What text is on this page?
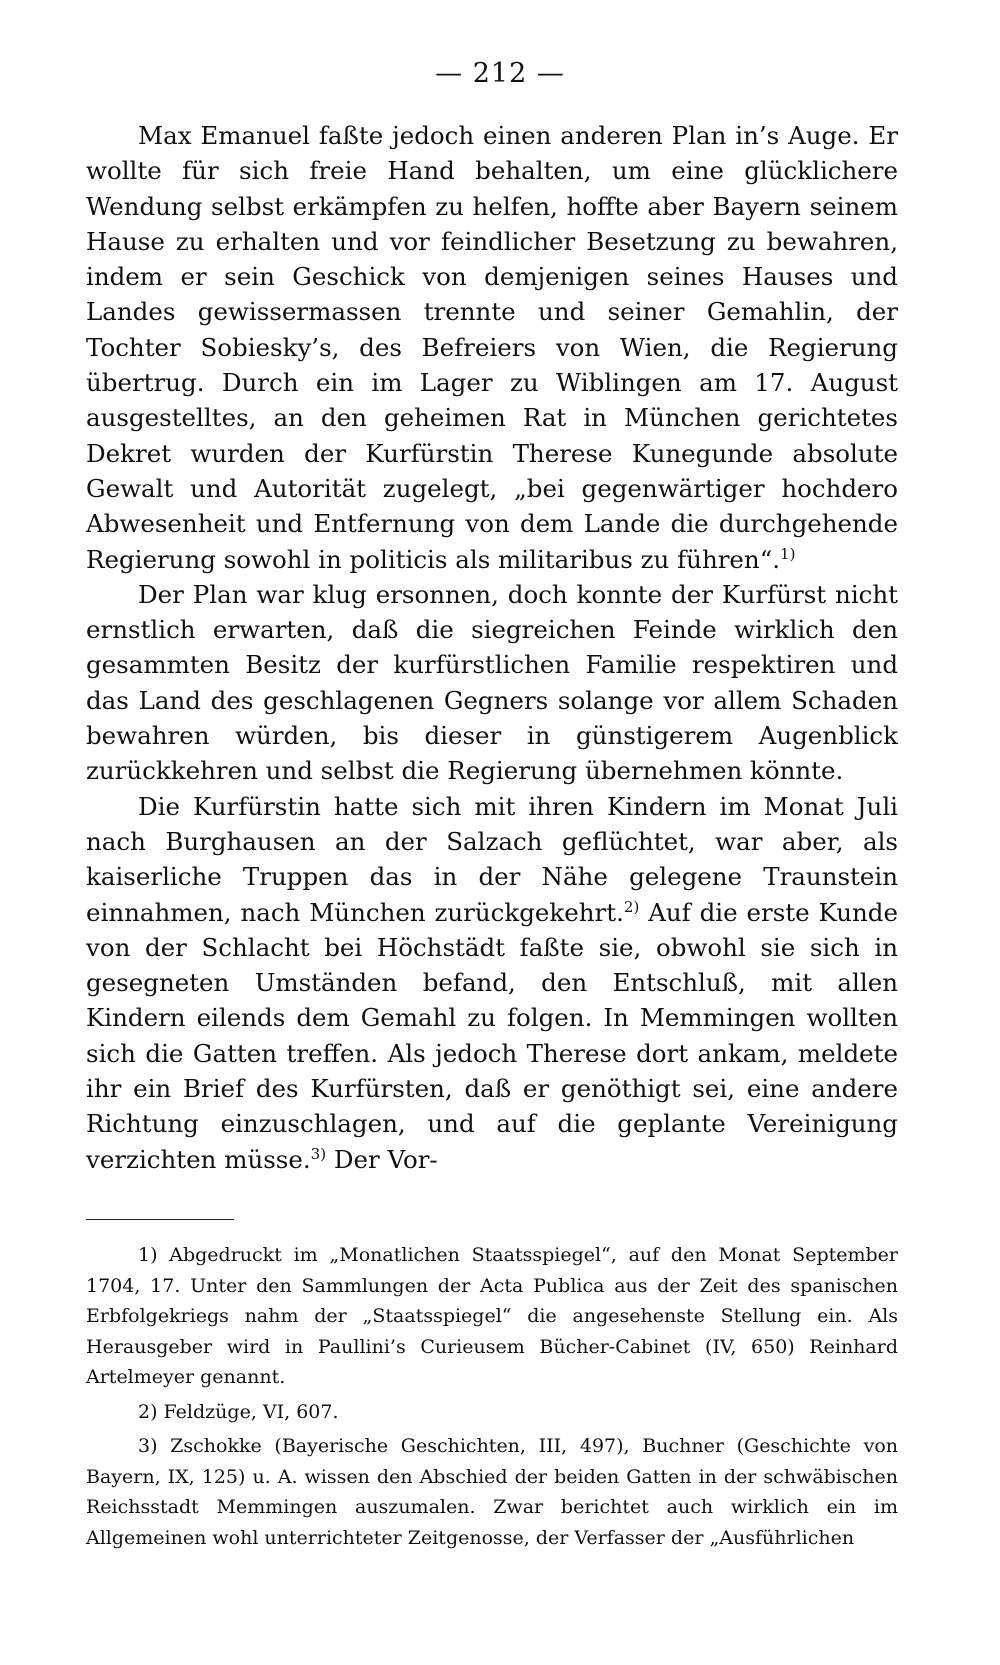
— 212 —

Max Emanuel faßte jedoch einen anderen Plan in’s Auge. Er wollte für sich freie Hand behalten, um eine glücklichere Wendung selbst erkämpfen zu helfen, hoffte aber Bayern seinem Hause zu erhalten und vor feindlicher Besetzung zu bewahren, indem er sein Geschick von demjenigen seines Hauses und Landes gewissermassen trennte und seiner Gemahlin, der Tochter Sobiesky’s, des Befreiers von Wien, die Regierung übertrug. Durch ein im Lager zu Wiblingen am 17. August ausgestelltes, an den geheimen Rat in München gerichtetes Dekret wurden der Kurfürstin Therese Kunegunde absolute Gewalt und Autorität zugelegt, „bei gegenwärtiger hochdero Abwesenheit und Entfernung von dem Lande die durchgehende Regierung sowohl in politicis als militaribus zu führen“.$^{1)}$

Der Plan war klug ersonnen, doch konnte der Kurfürst nicht ernstlich erwarten, daß die siegreichen Feinde wirklich den gesammten Besitz der kurfürstlichen Familie respektiren und das Land des geschlagenen Gegners solange vor allem Schaden bewahren würden, bis dieser in günstigerem Augenblick zurückkehren und selbst die Regierung übernehmen könnte.

Die Kurfürstin hatte sich mit ihren Kindern im Monat Juli nach Burghausen an der Salzach geflüchtet, war aber, als kaiserliche Truppen das in der Nähe gelegene Traunstein einnahmen, nach München zurückgekehrt.$^{2)}$ Auf die erste Kunde von der Schlacht bei Höchstädt faßte sie, obwohl sie sich in gesegneten Umständen befand, den Entschluß, mit allen Kindern eilends dem Gemahl zu folgen. In Memmingen wollten sich die Gatten treffen. Als jedoch Therese dort ankam, meldete ihr ein Brief des Kurfürsten, daß er genöthigt sei, eine andere Richtung einzuschlagen, und auf die geplante Vereinigung verzichten müsse.$^{3)}$ Der Vor-

1) Abgedruckt im „Monatlichen Staatsspiegel“, auf den Monat September 1704, 17. Unter den Sammlungen der Acta Publica aus der Zeit des spanischen Erbfolgekriegs nahm der „Staatsspiegel“ die angesehenste Stellung ein. Als Herausgeber wird in Paullini’s Curieusem Bücher-Cabinet (IV, 650) Reinhard Artelmeyer genannt.

2) Feldzüge, VI, 607.

3) Zschokke (Bayerische Geschichten, III, 497), Buchner (Geschichte von Bayern, IX, 125) u. A. wissen den Abschied der beiden Gatten in der schwäbischen Reichsstadt Memmingen auszumalen. Zwar berichtet auch wirklich ein im Allgemeinen wohl unterrichteter Zeitgenosse, der Verfasser der „Ausführlichen
